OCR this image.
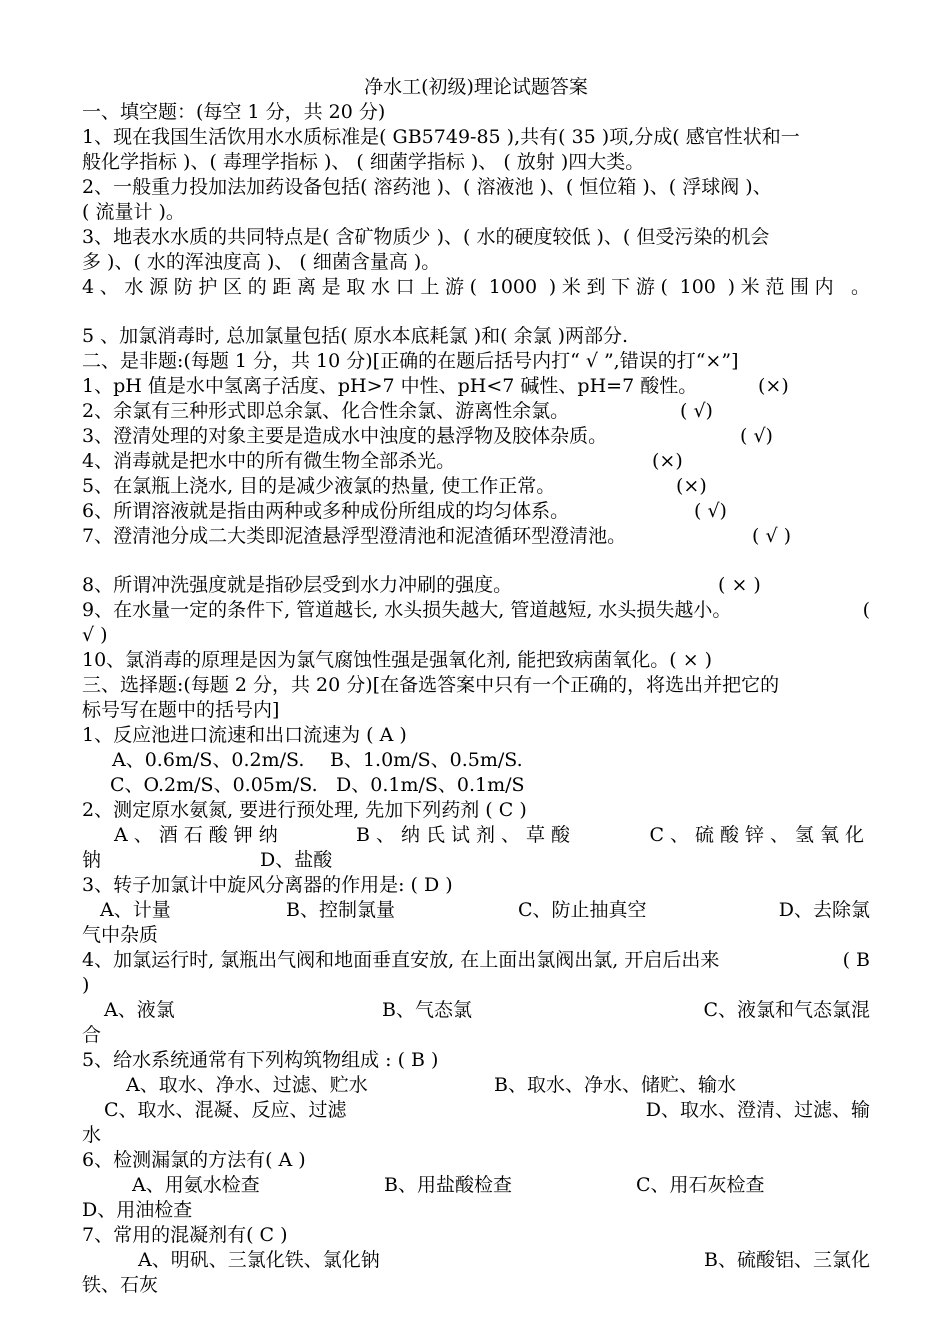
净水工(初级)理论试题答案
一、填空题：(每空 1 分，共 20 分)
1、现在我国生活饮用水水质标准是( GB5749-85 ),共有( 35 )项,分成( 感官性状和一
般化学指标 )、( 毒理学指标 )、 ( 细菌学指标 )、 ( 放射 )四大类。
2、一般重力投加法加药设备包括( 溶药池 )、( 溶液池 )、( 恒位箱 )、( 浮球阀 )、
( 流量计 )。
3、地表水水质的共同特点是( 含矿物质少 )、( 水的硬度较低 )、( 但受污染的机会
多 )、( 水的浑浊度高 )、 ( 细菌含量高 )。
4、水源防护区的距离是取水口上游( 1000 )米到下游( 100 )米范围内 。
5 、加氯消毒时, 总加氯量包括( 原水本底耗氯 )和( 余氯 )两部分.
二、是非题:(每题 1 分，共 10 分)[正确的在题后括号内打“ √ ”,错误的打“×”]
1、pH 值是水中氢离子活度、pH>7 中性、pH<7 碱性、pH=7 酸性。	(×)
2、余氯有三种形式即总余氯、化合性余氯、游离性余氯。	( √)
3、澄清处理的对象主要是造成水中浊度的悬浮物及胶体杂质。	( √)
4、消毒就是把水中的所有微生物全部杀光。	(×)
5、在氯瓶上浇水, 目的是减少液氯的热量, 使工作正常。	(×)
6、所谓溶液就是指由两种或多种成份所组成的均匀体系。	( √)
7、澄清池分成二大类即泥渣悬浮型澄清池和泥渣循环型澄清池。	( √ )
8、所谓冲洗强度就是指砂层受到水力冲刷的强度。	( × )
9、在水量一定的条件下, 管道越长, 水头损失越大, 管道越短, 水头损失越小。	(
√ )
10、氯消毒的原理是因为氯气腐蚀性强是强氧化剂, 能把致病菌氧化。( × )
三、选择题:(每题 2 分，共 20 分)[在备选答案中只有一个正确的，将选出并把它的
标号写在题中的括号内]
1、反应池进口流速和出口流速为 ( A )
A、0.6m/S、0.2m/S. B、1.0m/S、0.5m/S.
C、O.2m/S、0.05m/S. D、0.1m/S、0.1m/S
2、测定原水氨氮, 要进行预处理, 先加下列药剂 ( C )
A、酒石酸钾纳	B、纳氏试剂、草酸	C、硫酸锌、氢氧化
钠	D、盐酸
3、转子加氯计中旋风分离器的作用是: ( D )
A、计量	B、控制氯量	C、防止抽真空	D、去除氯
气中杂质
4、加氯运行时, 氯瓶出气阀和地面垂直安放, 在上面出氯阀出氯, 开启后出来	( B
)
A、液氯	B、气态氯	C、液氯和气态氯混
合
5、给水系统通常有下列构筑物组成 : ( B )
A、取水、净水、过滤、贮水	B、取水、净水、储贮、输水
C、取水、混凝、反应、过滤	D、取水、澄清、过滤、输
水
6、检测漏氯的方法有( A )
A、用氨水检查	B、用盐酸检查	C、用石灰检查
D、用油检查
7、常用的混凝剂有( C )
A、明矾、三氯化铁、氯化钠	B、硫酸铝、三氯化
铁、石灰
